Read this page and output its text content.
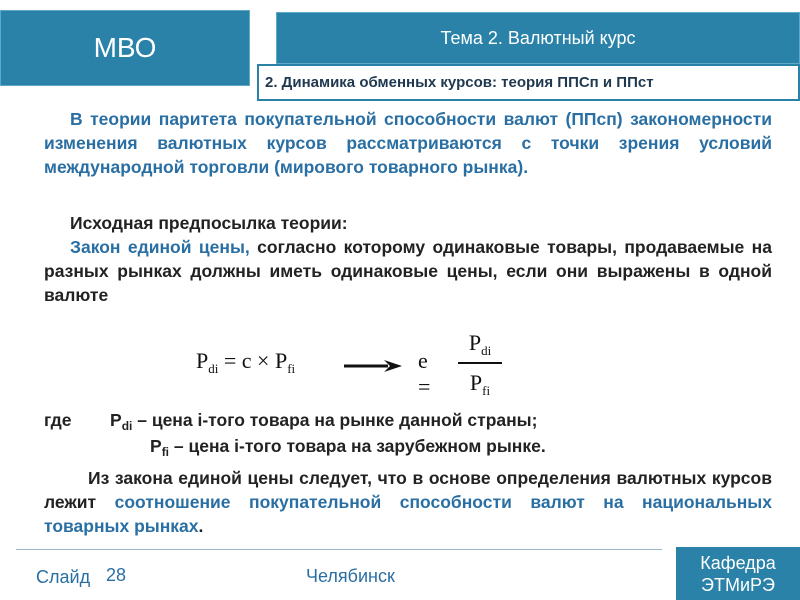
МВО	Тема 2. Валютный курс
2. Динамика обменных курсов: теория ППСп и ППст

В теории паритета покупательной способности валют (ППсп) закономерности изменения валютных курсов рассматриваются с точки зрения условий международной торговли (мирового товарного рынка).

Исходная предпосылка теории:

Закон единой цены, согласно которому одинаковые товары, продаваемые на разных рынках должны иметь одинаковые цены, если они выражены в одной валюте

$P_{di} = c \times P_{fi}$	e =
$P_{di}$
$P_{fi}$
где $P_{di}$ – цена i-того товара на рынке данной страны;
$P_{fi}$ – цена i-того товара на зарубежном рынке.

Из закона единой цены следует, что в основе определения валютных курсов лежит соотношение покупательной способности валют на национальных товарных рынках.

Слайд 28	Челябинск
Кафедра
ЭТМиРЭ
